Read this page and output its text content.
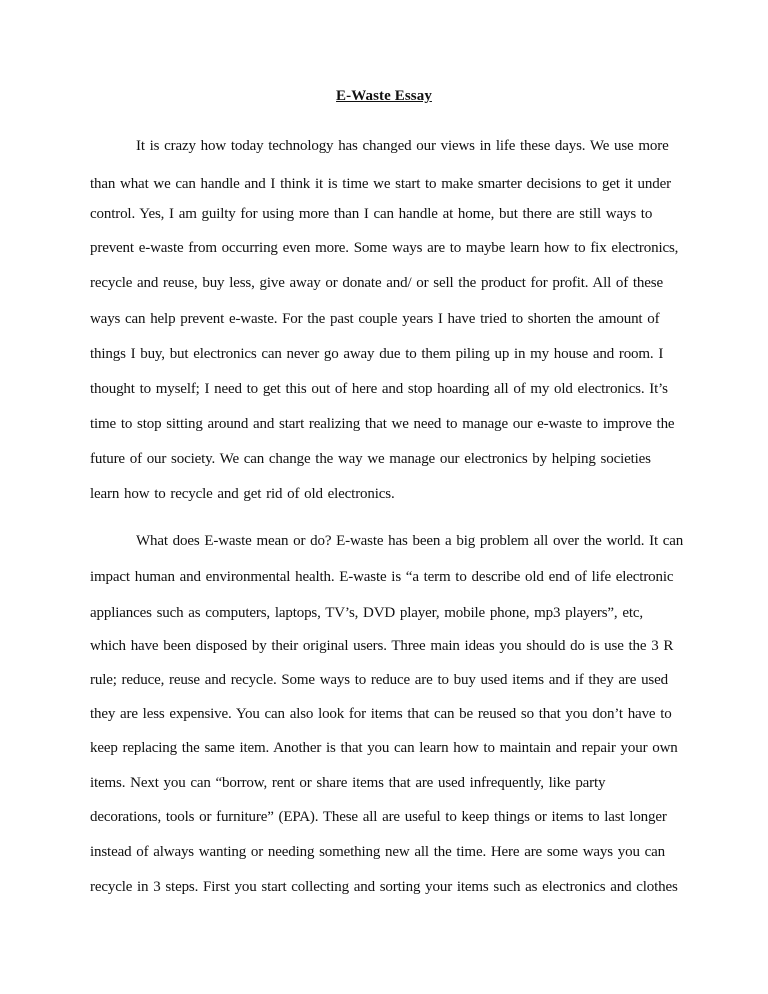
E-Waste Essay
It is crazy how today technology has changed our views in life these days. We use more
than what we can handle and I think it is time we start to make smarter decisions to get it under
control. Yes, I am guilty for using more than I can handle at home, but there are still ways to
prevent e-waste from occurring even more. Some ways are to maybe learn how to fix electronics,
recycle and reuse, buy less, give away or donate and/ or sell the product for profit. All of these
ways can help prevent e-waste. For the past couple years I have tried to shorten the amount of
things I buy, but electronics can never go away due to them piling up in my house and room. I
thought to myself; I need to get this out of here and stop hoarding all of my old electronics. It’s
time to stop sitting around and start realizing that we need to manage our e-waste to improve the
future of our society. We can change the way we manage our electronics by helping societies
learn how to recycle and get rid of old electronics.
What does E-waste mean or do? E-waste has been a big problem all over the world. It can
impact human and environmental health. E-waste is “a term to describe old end of life electronic
appliances such as computers, laptops, TV’s, DVD player, mobile phone, mp3 players”, etc,
which have been disposed by their original users. Three main ideas you should do is use the 3 R
rule; reduce, reuse and recycle. Some ways to reduce are to buy used items and if they are used
they are less expensive. You can also look for items that can be reused so that you don’t have to
keep replacing the same item. Another is that you can learn how to maintain and repair your own
items. Next you can “borrow, rent or share items that are used infrequently, like party
decorations, tools or furniture” (EPA). These all are useful to keep things or items to last longer
instead of always wanting or needing something new all the time. Here are some ways you can
recycle in 3 steps. First you start collecting and sorting your items such as electronics and clothes
